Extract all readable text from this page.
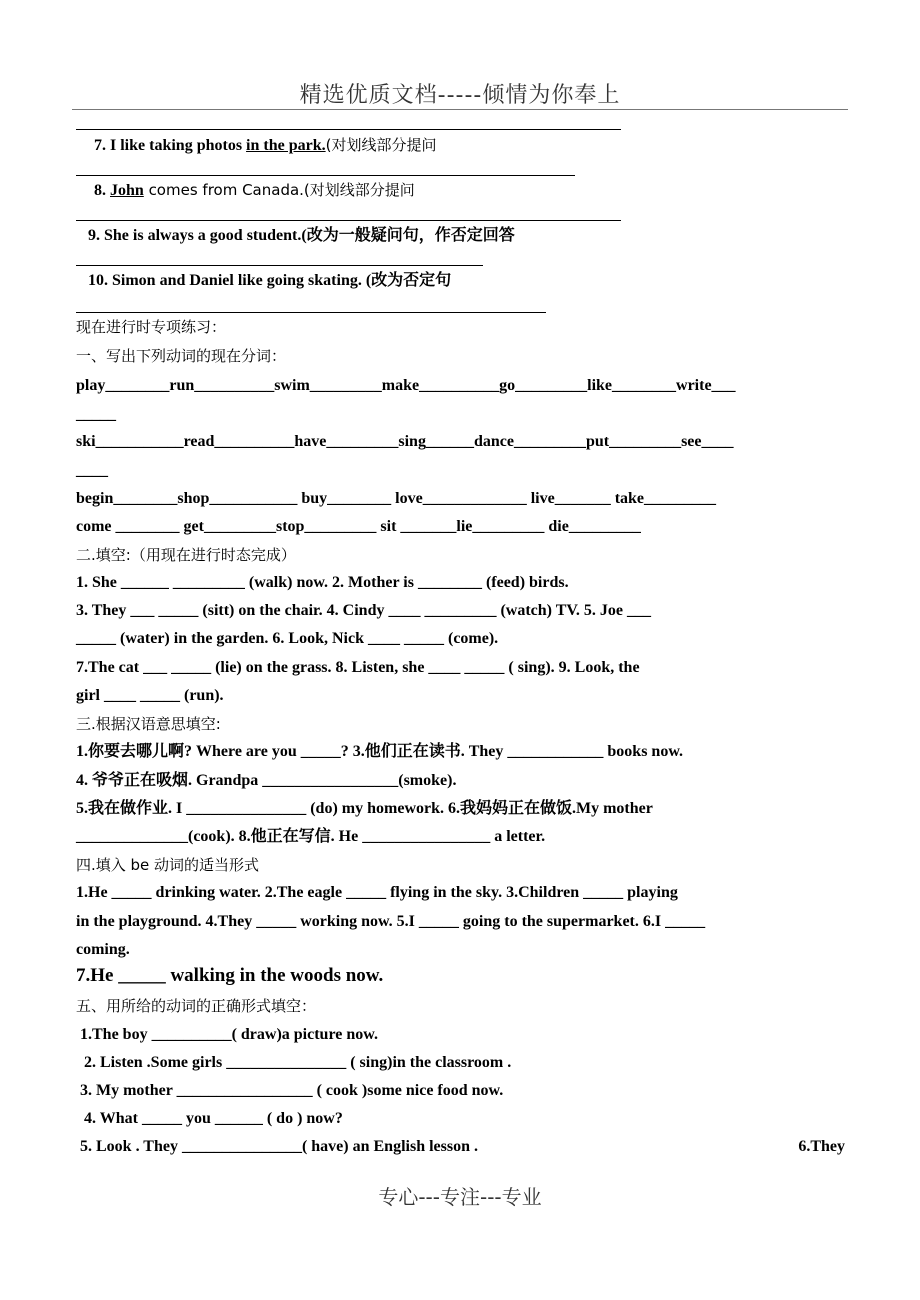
精选优质文档-----倾情为你奉上
7. I like taking photos in the park.(对划线部分提问
8. John comes from Canada.(对划线部分提问
9. She is always a good student.(改为一般疑问句，作否定回答
10. Simon and Daniel like going skating. (改为否定句
现在进行时专项练习：
一、写出下列动词的现在分词：
play________run__________swim_________make__________go_________like________write___
_____
ski___________read__________have_________sing______dance_________put_________see____
____
begin________shop___________ buy________ love_____________ live_______ take_________
come ________ get_________stop_________ sit _______lie_________ die_________
二.填空:（用现在进行时态完成）
1. She ______ _________ (walk) now. 2. Mother is ________ (feed) birds.
3. They ___ _____ (sitt) on the chair. 4. Cindy ____ _________ (watch) TV. 5. Joe ___
_____ (water) in the garden. 6. Look, Nick ____ _____ (come).
7.The cat ___ _____ (lie) on the grass. 8. Listen, she ____ _____ ( sing). 9. Look, the
girl ____ _____ (run).
三.根据汉语意思填空:
1.你要去哪儿啊? Where are you _____? 3.他们正在读书. They ____________ books now.
4. 爷爷正在吸烟. Grandpa _________________(smoke).
5.我在做作业. I _______________ (do) my homework. 6.我妈妈正在做饭.My mother
______________(cook). 8.他正在写信. He ________________ a letter.
四.填入 be 动词的适当形式
1.He _____ drinking water. 2.The eagle _____ flying in the sky. 3.Children _____ playing
in the playground. 4.They _____ working now. 5.I _____ going to the supermarket. 6.I _____
coming.
7.He _____ walking in the woods now.
五、用所给的动词的正确形式填空：
1.The boy __________( draw)a picture now.
2. Listen .Some girls _______________ ( sing)in the classroom .
3. My mother _________________ ( cook )some nice food now.
4. What _____ you ______ ( do ) now?
5. Look . They _______________( have) an English lesson .	6.They
专心---专注---专业
